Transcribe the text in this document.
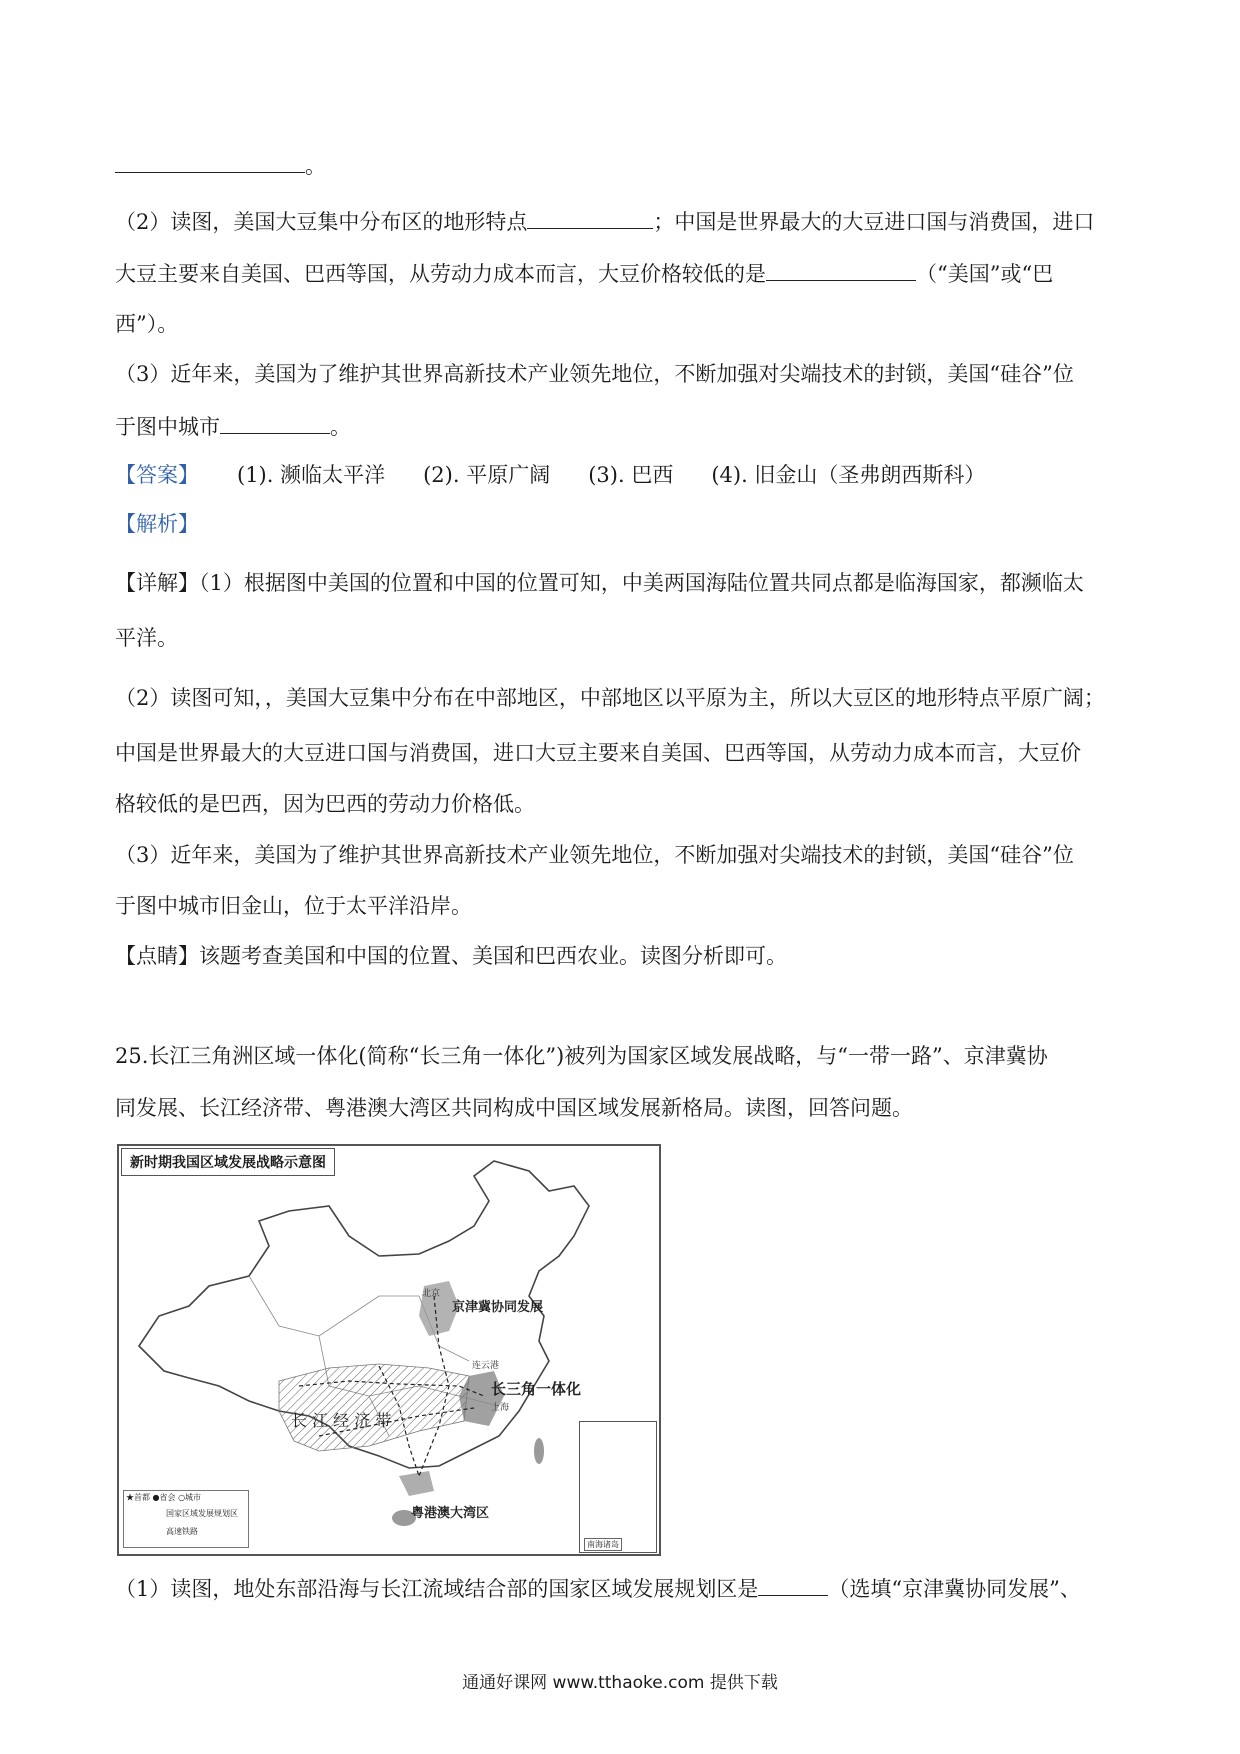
。
（2）读图，美国大豆集中分布区的地形特点	；中国是世界最大的大豆进口国与消费国，进口
大豆主要来自美国、巴西等国，从劳动力成本而言，大豆价格较低的是	（“美国”或“巴
西”）。
（3）近年来，美国为了维护其世界高新技术产业领先地位，不断加强对尖端技术的封锁，美国“硅谷”位
于图中城市	。
【答案】 (1). 濒临太平洋 (2). 平原广阔 (3). 巴西 (4). 旧金山（圣弗朗西斯科）
【解析】
【详解】（1）根据图中美国的位置和中国的位置可知，中美两国海陆位置共同点都是临海国家，都濒临太
平洋。
（2）读图可知，，美国大豆集中分布在中部地区，中部地区以平原为主，所以大豆区的地形特点平原广阔；
中国是世界最大的大豆进口国与消费国，进口大豆主要来自美国、巴西等国，从劳动力成本而言，大豆价
格较低的是巴西，因为巴西的劳动力价格低。
（3）近年来，美国为了维护其世界高新技术产业领先地位，不断加强对尖端技术的封锁，美国“硅谷”位
于图中城市旧金山，位于太平洋沿岸。
【点睛】该题考查美国和中国的位置、美国和巴西农业。读图分析即可。
25.长江三角洲区域一体化(简称“长三角一体化”)被列为国家区域发展战略，与“一带一路”、京津冀协
同发展、长江经济带、粤港澳大湾区共同构成中国区域发展新格局。读图，回答问题。
新时期我国区域发展战略示意图
北京
京津冀协同发展
连云港
长三角一体化
上海
长 江 经 济 带
粤港澳大湾区
★首都 ●省会 ○城市
国家区域发展规划区
高速铁路
南海诸岛
（1）读图，地处东部沿海与长江流域结合部的国家区域发展规划区是	（选填“京津冀协同发展”、
通通好课网 www.tthaoke.com 提供下载
